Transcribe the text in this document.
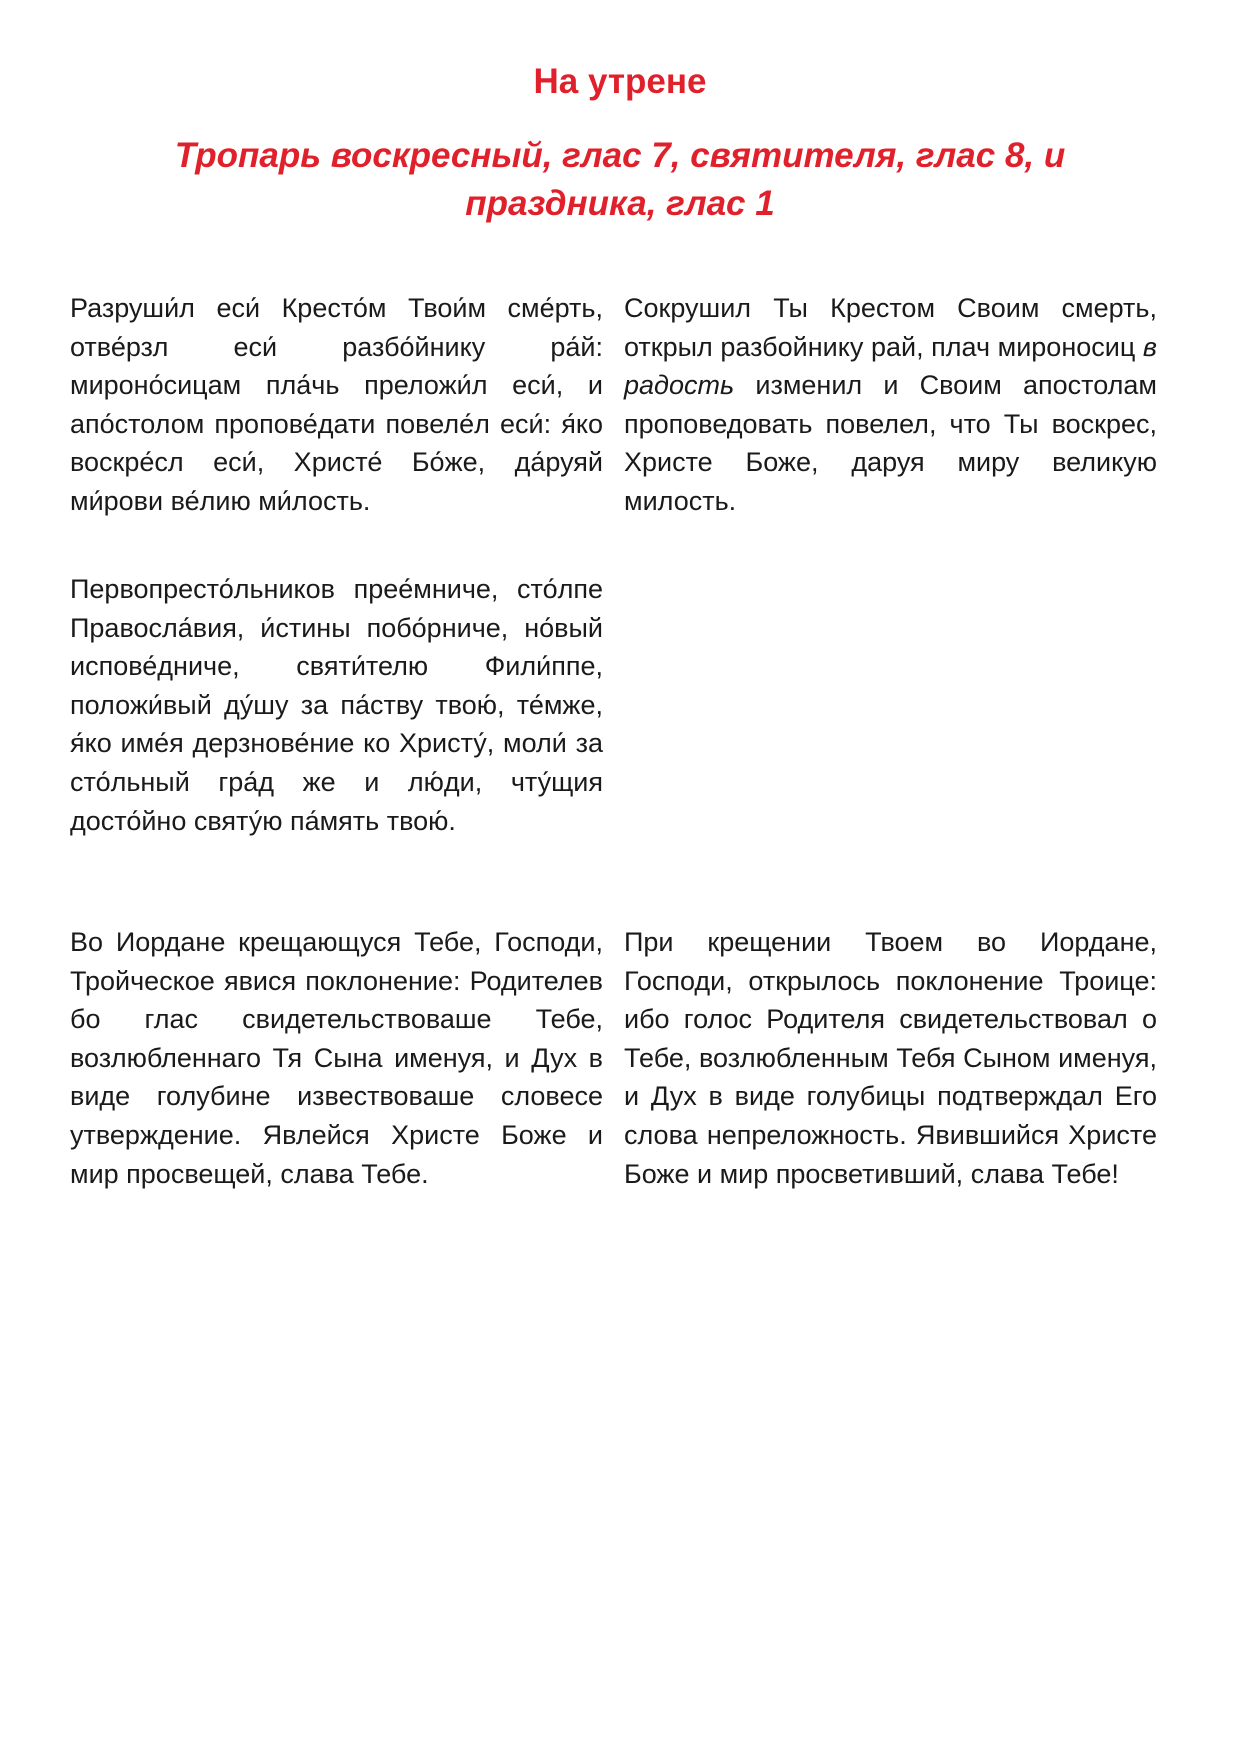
На утрене
Тропарь воскресный, глас 7, святителя, глас 8, и праздника, глас 1

Разруши́л еси́ Кресто́м Твои́м сме́рть, отве́рзл еси́ разбо́йнику ра́й: мироно́сицам пла́чь преложи́л еси́, и апо́столом пропове́дати повеле́л еси́: я́ко воскре́сл еси́, Христе́ Бо́же, да́руяй ми́рови ве́лию ми́лость.

Сокрушил Ты Крестом Своим смерть, открыл разбойнику рай, плач мироносиц в радость изменил и Своим апостолам проповедовать повелел, что Ты воскрес, Христе Боже, даруя миру великую милость.

Первопресто́льников прее́мниче, сто́лпе Правосла́вия, и́стины побо́рниче, но́вый испове́дниче, святи́телю Фили́ппе, положи́вый ду́шу за па́ству твою́, те́мже, я́ко име́я дерзнове́ние ко Христу́, моли́ за сто́льный гра́д же и лю́ди, чту́щия досто́йно святу́ю па́мять твою́.

Во Иордане крещающуся Тебе, Господи, Тройческое явися поклонение: Родителев бо глас свидетельствоваше Тебе, возлюбленнаго Тя Сына именуя, и Дух в виде голубине извествоваше словесе утверждение. Явлейся Христе Боже и мир просвещей, слава Тебе.

При крещении Твоем во Иордане, Господи, открылось поклонение Троице: ибо голос Родителя свидетельствовал о Тебе, возлюбленным Тебя Сыном именуя, и Дух в виде голубицы подтверждал Его слова непреложность. Явившийся Христе Боже и мир просветивший, слава Тебе!
